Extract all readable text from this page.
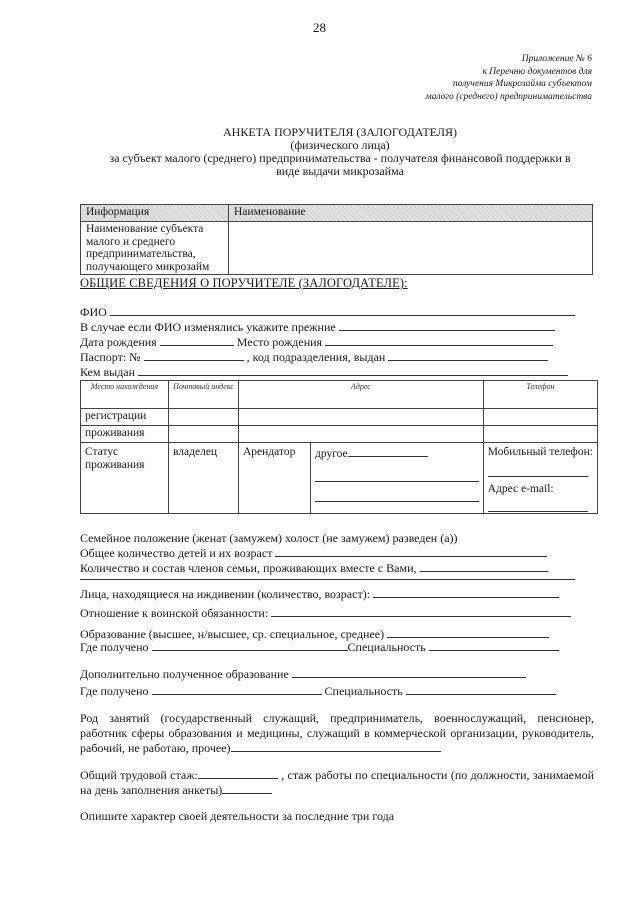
28
Приложение № 6
к Перечню документов для
получения Микрозайма субъектом
малого (среднего) предпринимательства
АНКЕТА ПОРУЧИТЕЛЯ (ЗАЛОГОДАТЕЛЯ)
(физического лица)
за субъект малого (среднего) предпринимательства - получателя финансовой поддержки в
виде выдачи микрозайма
Информация	Наименование
Наименование субъекта малого и среднего предпринимательства, получающего микрозайм	
ОБЩИЕ СВЕДЕНИЯ О ПОРУЧИТЕЛЕ (ЗАЛОГОДАТЕЛЕ):
ФИО
В случае если ФИО изменялись укажите прежние
Дата рождения	Место рождения
Паспорт: №	, код подразделения, выдан
Кем выдан
Место нахождения	Почтовый индекс	Адрес		Телефон
регистрации				
проживания				
Статус проживания	владелец	Арендатор	другое	Мобильный телефон:
Адрес e-mail:
Семейное положение (женат (замужем) холост (не замужем) разведен (а))
Общее количество детей и их возраст
Количество и состав членов семьи, проживающих вместе с Вами,
Лица, находящиеся на иждивении (количество, возраст):
Отношение к воинской обязанности:
Образование (высшее, н/высшее, ср. специальное, среднее)
Где получено	Специальность
Дополнительно полученное образование
Где получено	Специальность
Род занятий (государственный служащий, предприниматель, военнослужащий, пенсионер, работник сферы образования и медицины, служащий в коммерческой организации, руководитель, рабочий, не работаю, прочее)
Общий трудовой стаж:	, стаж работы по специальности (по должности, занимаемой на день заполнения анкеты)
Опишите характер своей деятельности за последние три года
